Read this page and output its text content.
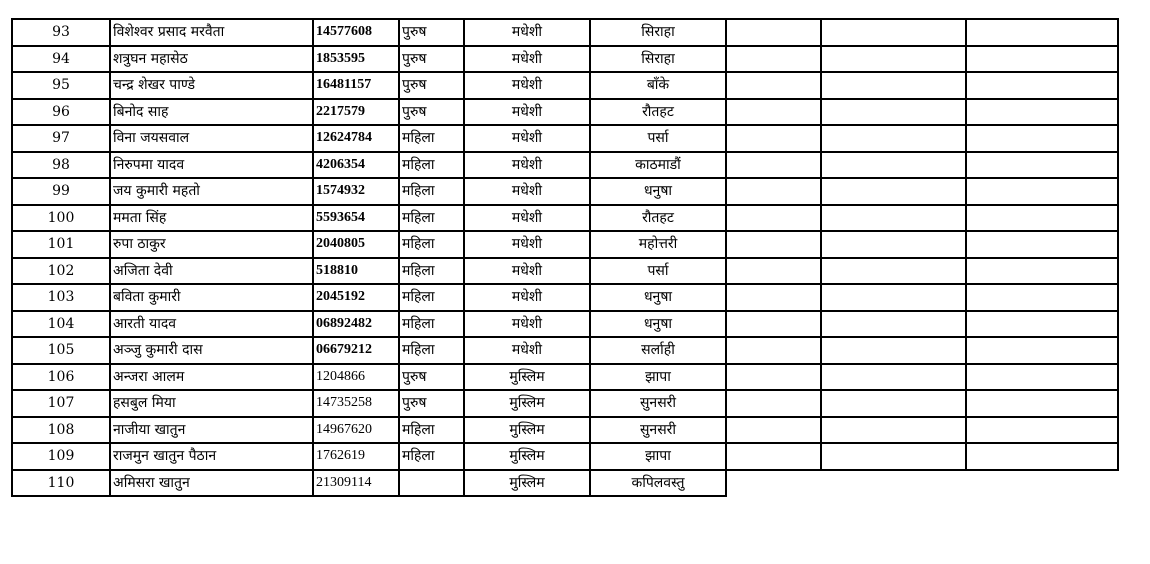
93	विशेश्वर प्रसाद मरवैता	14577608	पुरुष	मधेशी	सिराहा			
94	शत्रुघन महासेठ	1853595	पुरुष	मधेशी	सिराहा			
95	चन्द्र शेखर पाण्डे	16481157	पुरुष	मधेशी	बाँके			
96	बिनोद साह	2217579	पुरुष	मधेशी	रौतहट			
97	विना जयसवाल	12624784	महिला	मधेशी	पर्सा			
98	निरुपमा यादव	4206354	महिला	मधेशी	काठमाडौं			
99	जय कुमारी महतो	1574932	महिला	मधेशी	धनुषा			
100	ममता सिंह	5593654	महिला	मधेशी	रौतहट			
101	रुपा ठाकुर	2040805	महिला	मधेशी	महोत्तरी			
102	अजिता देवी	518810	महिला	मधेशी	पर्सा			
103	बविता कुमारी	2045192	महिला	मधेशी	धनुषा			
104	आरती यादव	06892482	महिला	मधेशी	धनुषा			
105	अञ्जु कुमारी दास	06679212	महिला	मधेशी	सर्लाही			
106	अन्जरा आलम	1204866	पुरुष	मुस्लिम	झापा			
107	हसबुल मिया	14735258	पुरुष	मुस्लिम	सुनसरी			
108	नाजीया खातुन	14967620	महिला	मुस्लिम	सुनसरी			
109	राजमुन खातुन पैठान	1762619	महिला	मुस्लिम	झापा			
110	अमिसरा खातुन	21309114		मुस्लिम	कपिलवस्तु			
